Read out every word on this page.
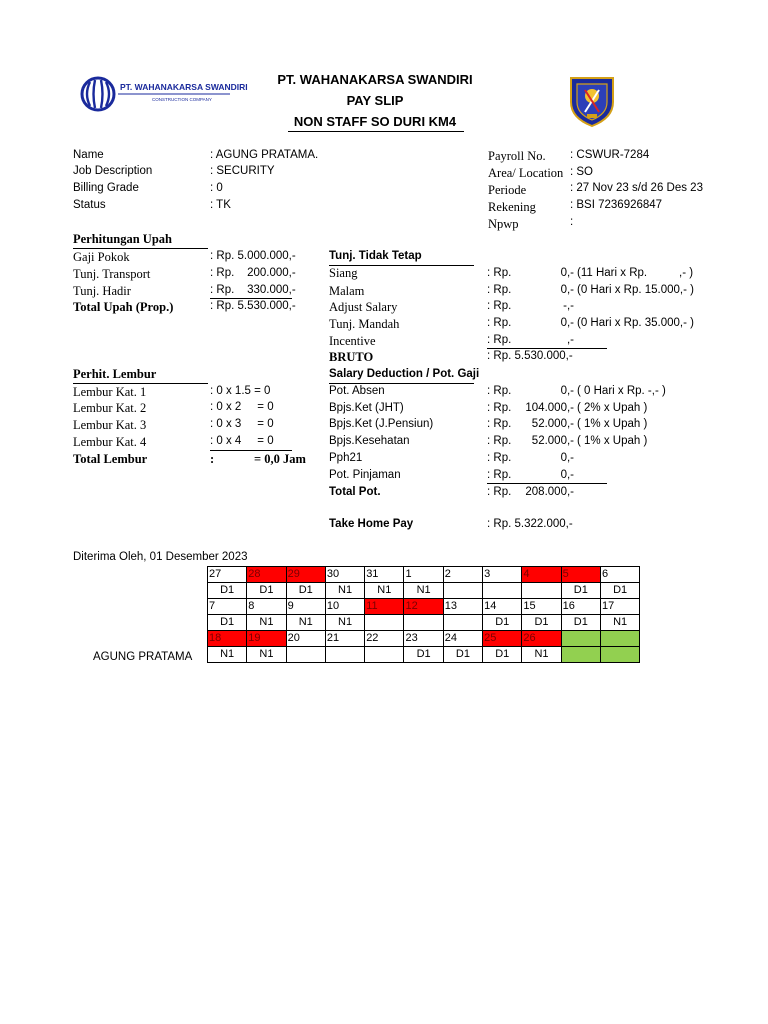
PT. WAHANAKARSA SWANDIRI
CONSTRUCTION COMPANY
PT. WAHANAKARSA SWANDIRI
PAY SLIP
NON STAFF SO DURI KM4
Name	: AGUNG PRATAMA.
Job Description	: SECURITY
Billing Grade	: 0
Status	: TK
Payroll No. : CSWUR-7284
Area/ Location : SO
Periode	: 27 Nov 23 s/d 26 Des 23
Rekening	: BSI 7236926847
Npwp	:
Perhitungan Upah
Gaji Pokok	: Rp. 5.000.000,-
Tunj. Transport	: Rp.    200.000,-
Tunj. Hadir	: Rp.    330.000,-
Total Upah (Prop.)	: Rp. 5.530.000,-
Tunj. Tidak Tetap
Siang	: Rp.	0,- (11 Hari x Rp.          ,- )
Malam	: Rp.	0,- (0 Hari x Rp. 15.000,- )
Adjust Salary	: Rp.	-,-
Tunj. Mandah	: Rp.	0,- (0 Hari x Rp. 35.000,- )
Incentive	: Rp.	,-
BRUTO	: Rp. 5.530.000,-
Perhit. Lembur
Lembur Kat. 1	: 0 x 1.5 = 0
Lembur Kat. 2	: 0 x 2     = 0
Lembur Kat. 3	: 0 x 3     = 0
Lembur Kat. 4	: 0 x 4     = 0
Total Lembur	:	= 0,0 Jam
Salary Deduction / Pot. Gaji
Pot. Absen	: Rp.	0,- ( 0 Hari x Rp. -,- )
Bpjs.Ket (JHT)	: Rp.	104.000,- ( 2% x Upah )
Bpjs.Ket (J.Pensiun)	: Rp.	52.000,- ( 1% x Upah )
Bpjs.Kesehatan	: Rp.	52.000,- ( 1% x Upah )
Pph21	: Rp.	0,-
Pot. Pinjaman	: Rp.	0,-
Total Pot.	: Rp.	208.000,-
Take Home Pay	: Rp. 5.322.000,-
Diterima Oleh, 01 Desember 2023
AGUNG PRATAMA
27	28	29	30	31	1	2	3	4	5	6
D1	D1	D1	N1	N1	N1				D1	D1
7	8	9	10	11	12	13	14	15	16	17
D1	N1	N1	N1				D1	D1	D1	N1
18	19	20	21	22	23	24	25	26		
N1	N1				D1	D1	D1	N1		
